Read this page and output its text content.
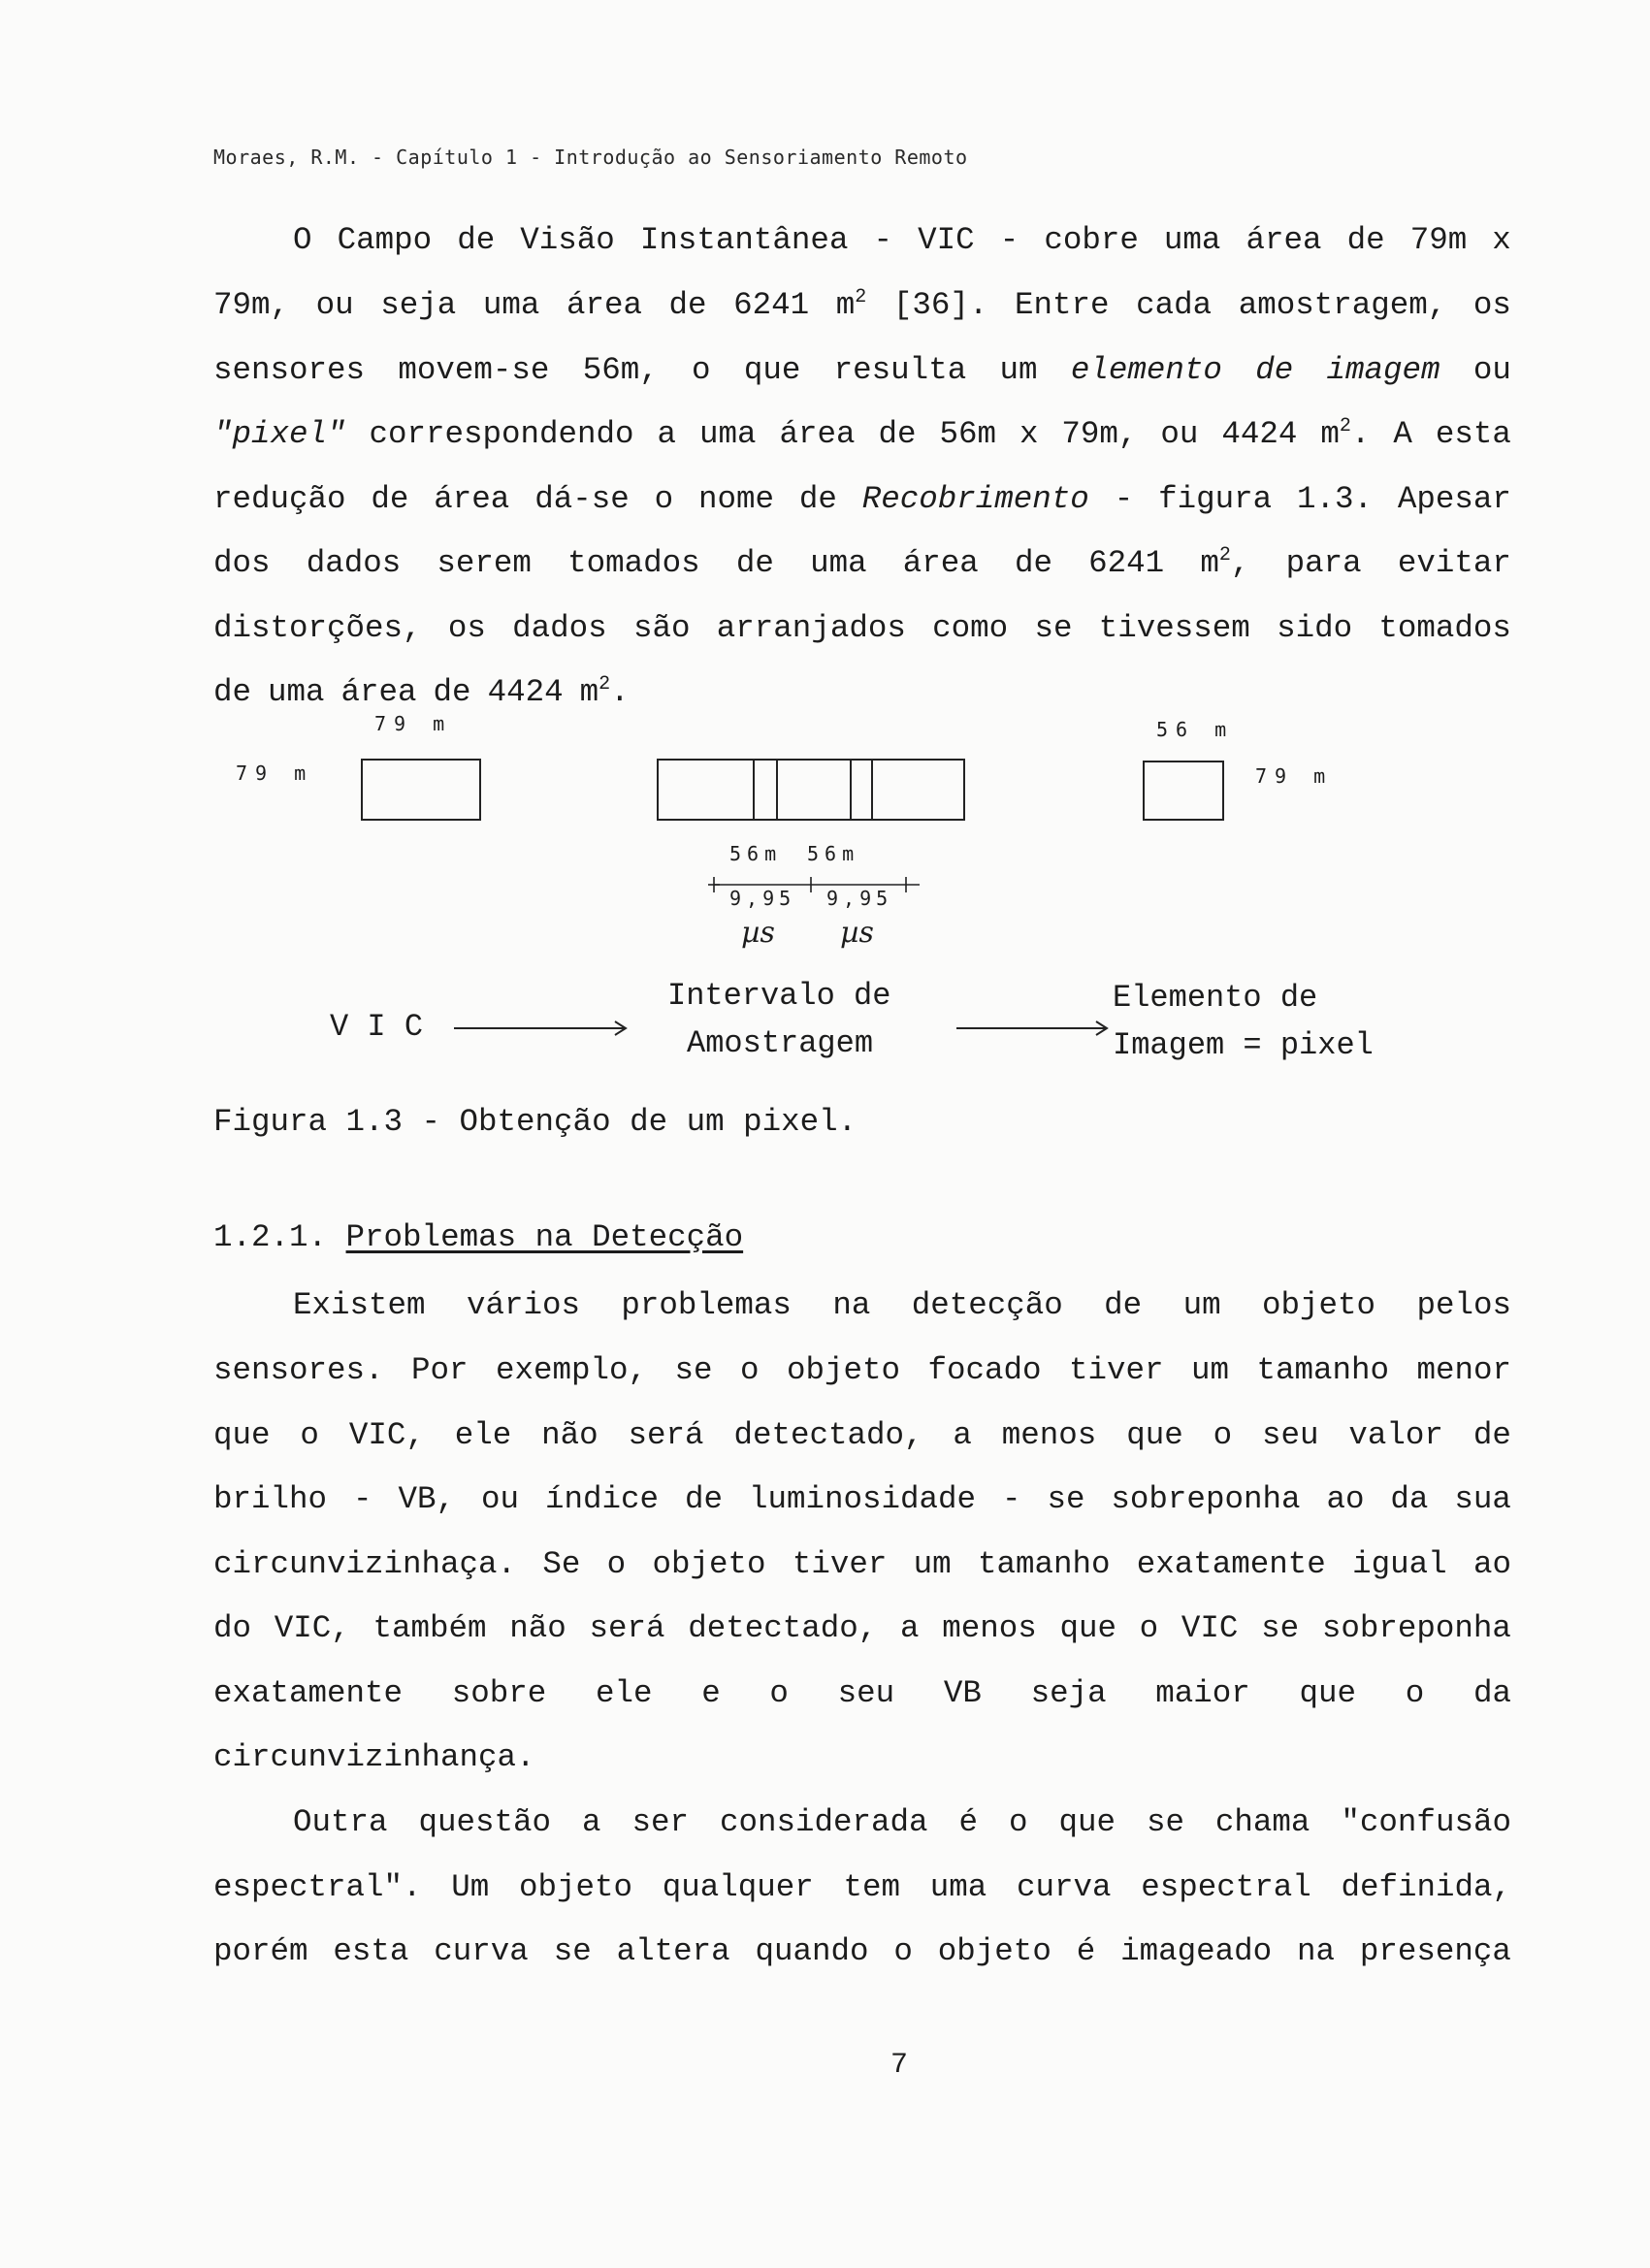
Moraes, R.M. - Capítulo 1 - Introdução ao Sensoriamento Remoto
O Campo de Visão Instantânea - VIC - cobre uma área de 79m x
79m, ou seja uma área de 6241 $m^2$ [36]. Entre cada amostragem, os
sensores movem-se 56m, o que resulta um elemento de imagem ou
"pixel" correspondendo a uma área de 56m x 79m, ou 4424 $m^2$. A esta
redução de área dá-se o nome de Recobrimento - figura 1.3. Apesar
dos dados serem tomados de uma área de 6241 $m^2$, para evitar
distorções, os dados são arranjados como se tivessem sido tomados
de uma área de 4424 $m^2$.
79 m
79 m
56 m
79 m
56m 56m
9,95 9,95
µs µs
V I C
Intervalo de
Amostragem
Elemento de
Imagem = pixel
Figura 1.3 - Obtenção de um pixel.
1.2.1. Problemas na Detecção
Existem vários problemas na detecção de um objeto pelos
sensores. Por exemplo, se o objeto focado tiver um tamanho menor
que o VIC, ele não será detectado, a menos que o seu valor de
brilho - VB, ou índice de luminosidade - se sobreponha ao da sua
circunvizinhaça. Se o objeto tiver um tamanho exatamente igual ao
do VIC, também não será detectado, a menos que o VIC se sobreponha
exatamente sobre ele e o seu VB seja maior que o da
circunvizinhança.
Outra questão a ser considerada é o que se chama "confusão
espectral". Um objeto qualquer tem uma curva espectral definida,
porém esta curva se altera quando o objeto é imageado na presença
7
